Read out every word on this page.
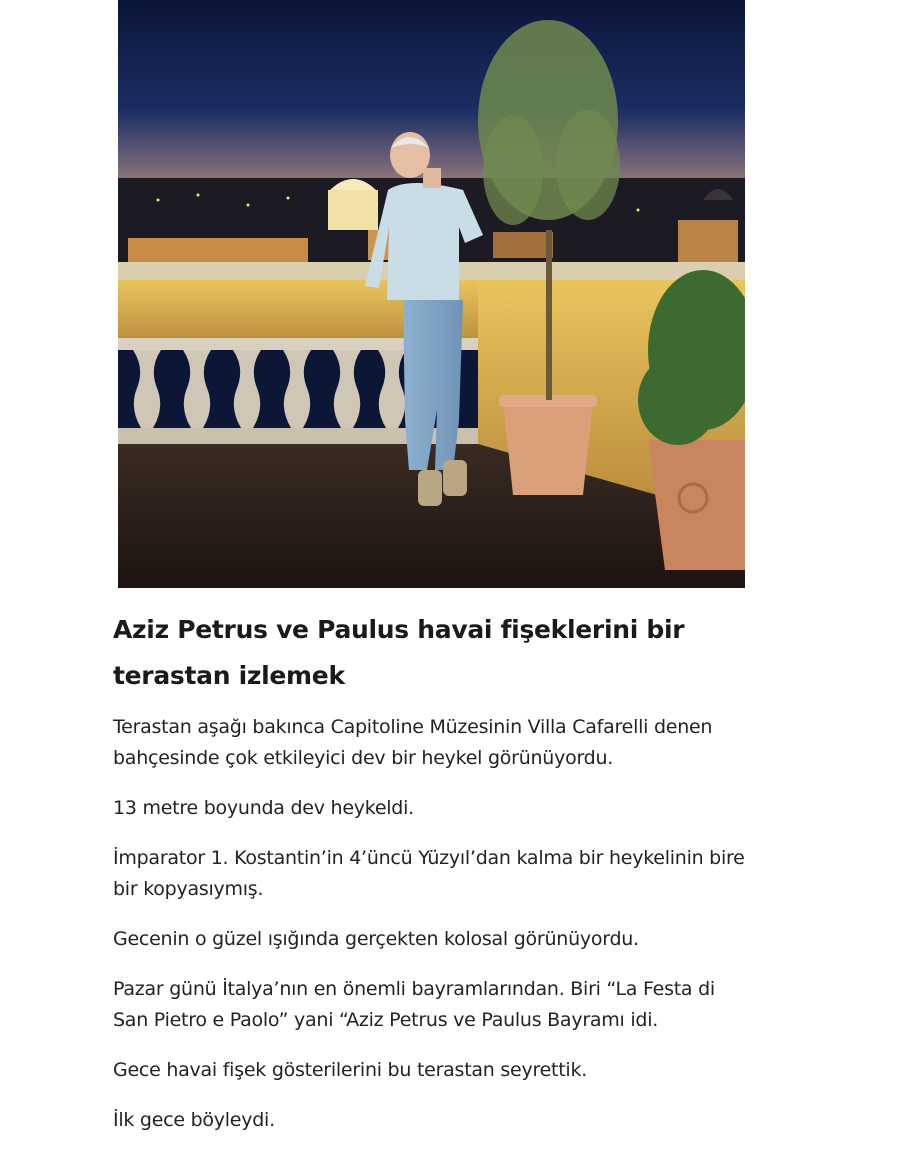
Aziz Petrus ve Paulus havai fişeklerini bir terastan izlemek

Terastan aşağı bakınca Capitoline Müzesinin Villa Cafarelli denen bahçesinde çok etkileyici dev bir heykel görünüyordu.

13 metre boyunda dev heykeldi.

İmparator 1. Kostantin’in 4’üncü Yüzyıl’dan kalma bir heykelinin bire bir kopyasıymış.

Gecenin o güzel ışığında gerçekten kolosal görünüyordu.

Pazar günü İtalya’nın en önemli bayramlarından. Biri “La Festa di San Pietro e Paolo” yani “Aziz Petrus ve Paulus Bayramı idi.

Gece havai fişek gösterilerini bu terastan seyrettik.

İlk gece böyleydi.
